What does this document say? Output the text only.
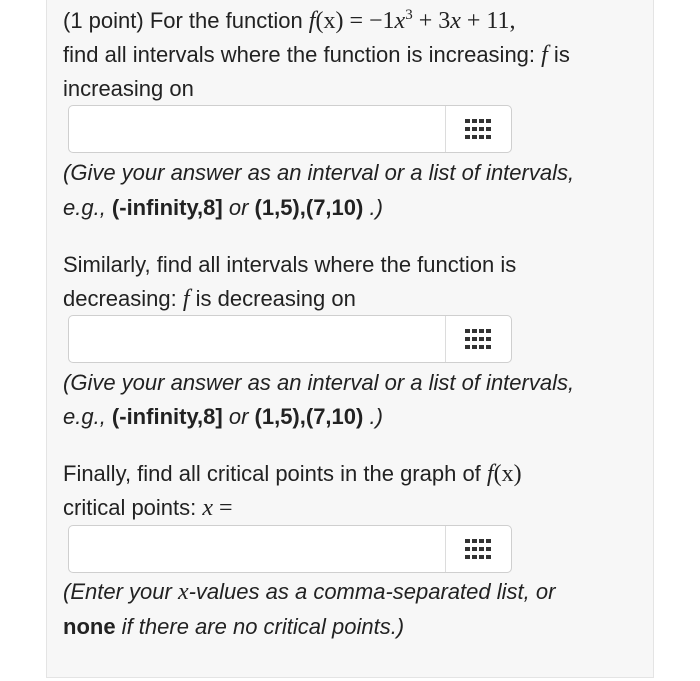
(1 point) For the function $f(x) = -1x^3 + 3x + 11$,
find all intervals where the function is increasing: f is
increasing on
(Give your answer as an interval or a list of intervals,
e.g., (-infinity,8] or (1,5),(7,10) .)
Similarly, find all intervals where the function is
decreasing: f is decreasing on
(Give your answer as an interval or a list of intervals,
e.g., (-infinity,8] or (1,5),(7,10) .)
Finally, find all critical points in the graph of f(x)
critical points: x =
(Enter your x-values as a comma-separated list, or
none if there are no critical points.)
